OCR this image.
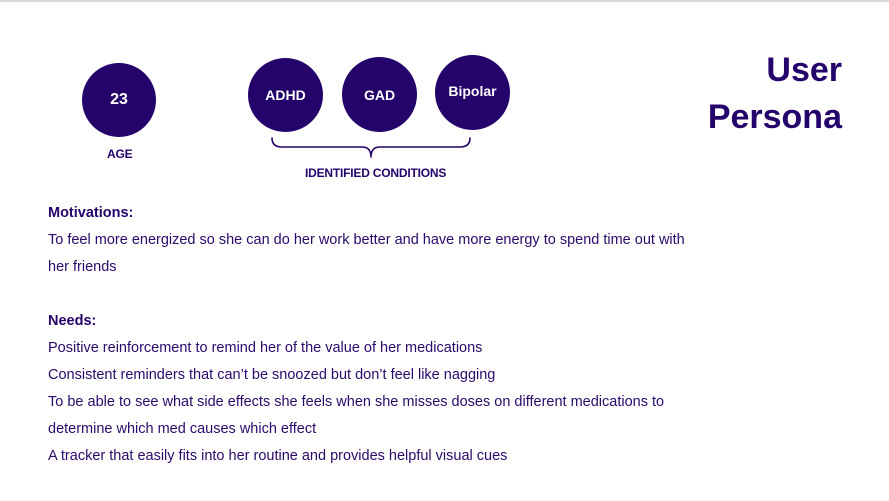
23
AGE
ADHD	GAD	Bipolar
IDENTIFIED CONDITIONS
User
Persona
Motivations:
To feel more energized so she can do her work better and have more energy to spend time out with
her friends
Needs:
Positive reinforcement to remind her of the value of her medications
Consistent reminders that can’t be snoozed but don’t feel like nagging
To be able to see what side effects she feels when she misses doses on different medications to
determine which med causes which effect
A tracker that easily fits into her routine and provides helpful visual cues
